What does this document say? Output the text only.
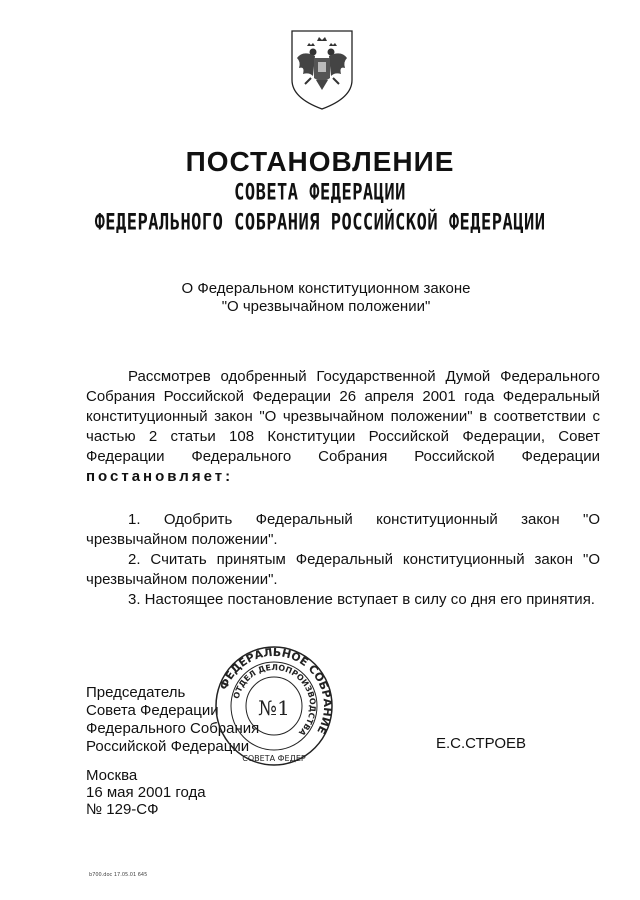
ПОСТАНОВЛЕНИЕ
СОВЕТА ФЕДЕРАЦИИ
ФЕДЕРАЛЬНОГО СОБРАНИЯ РОССИЙСКОЙ ФЕДЕРАЦИИ
О Федеральном конституционном законе
"О чрезвычайном положении"
Рассмотрев одобренный Государственной Думой Федерального Собрания Российской Федерации 26 апреля 2001 года Федеральный конституционный закон "О чрезвычайном положении" в соответствии с частью 2 статьи 108 Конституции Российской Федерации, Совет Федерации Федерального Собрания Российской Федерации постановляет:
1. Одобрить Федеральный конституционный закон "О чрезвычайном положении".
2. Считать принятым Федеральный конституционный закон "О чрезвычайном положении".
3. Настоящее постановление вступает в силу со дня его принятия.
Председатель
Совета Федерации
Федерального Собрания
Российской Федерации
ФЕДЕРАЛЬНОЕ СОБРАНИЕ
ОТДЕЛ ДЕЛОПРОИЗВОДСТВА
№1
СОВЕТА ФЕДЕР
Е.С.СТРОЕВ
Москва
16 мая 2001 года
№ 129-СФ
b700.doc 17.05.01 645
